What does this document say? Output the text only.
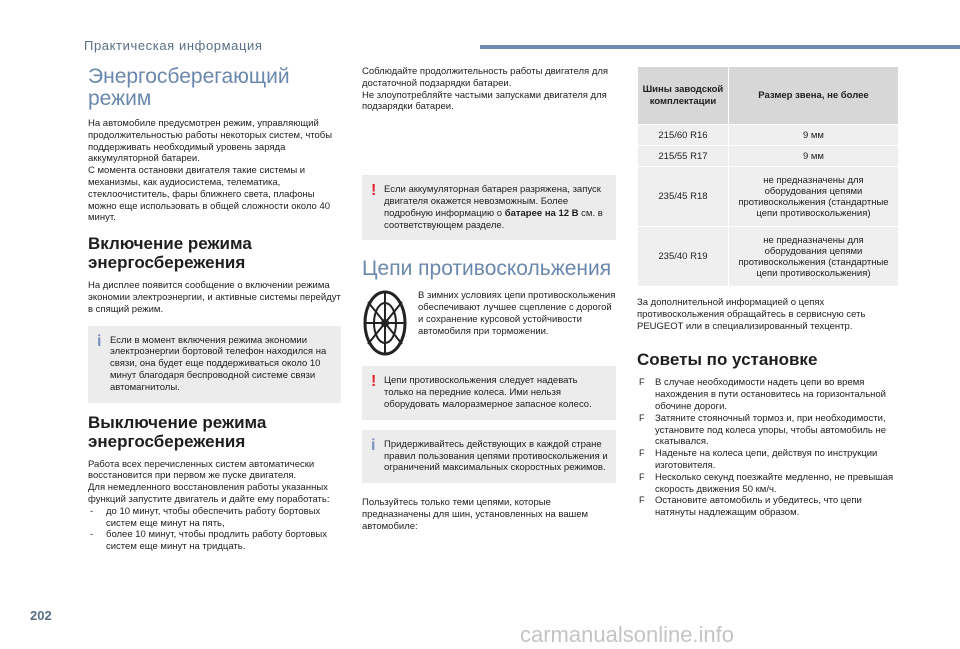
Практическая информация
Энергосберегающий режим

На автомобиле предусмотрен режим, управляющий продолжительностью работы некоторых систем, чтобы поддерживать необходимый уровень заряда аккумуляторной батареи.

С момента остановки двигателя такие системы и механизмы, как аудиосистема, телематика, стеклоочиститель, фары ближнего света, плафоны можно еще использовать в общей сложности около 40 минут.

Включение режима энергосбережения

На дисплее появится сообщение о включении режима экономии электроэнергии, и активные системы перейдут в спящий режим.

i Если в момент включения режима экономии электроэнергии бортовой телефон находился на связи, она будет еще поддерживаться около 10 минут благодаря беспроводной системе связи автомагнитолы.

Выключение режима энергосбережения

Работа всех перечисленных систем автоматически восстановится при первом же пуске двигателя.

Для немедленного восстановления работы указанных функций запустите двигатель и дайте ему поработать:

- до 10 минут, чтобы обеспечить работу бортовых систем еще минут на пять,
- более 10 минут, чтобы продлить работу бортовых систем еще минут на тридцать.

Соблюдайте продолжительность работы двигателя для достаточной подзарядки батареи.

Не злоупотребляйте частыми запусками двигателя для подзарядки батареи.

! Если аккумуляторная батарея разряжена, запуск двигателя окажется невозможным. Более подробную информацию о батарее на 12 В см. в соответствующем разделе.

Цепи противоскольжения

В зимних условиях цепи противоскольжения обеспечивают лучшее сцепление с дорогой и сохранение курсовой устойчивости автомобиля при торможении.

! Цепи противоскольжения следует надевать только на передние колеса. Ими нельзя оборудовать малоразмерное запасное колесо.

i Придерживайтесь действующих в каждой стране правил пользования цепями противоскольжения и ограничений максимальных скоростных режимов.

Пользуйтесь только теми цепями, которые предназначены для шин, установленных на вашем автомобиле:

Шины заводской комплектации	Размер звена, не более
215/60 R16	9 мм
215/55 R17	9 мм
235/45 R18	не предназначены для оборудования цепями противоскольжения (стандартные цепи противоскольжения)
235/40 R19	не предназначены для оборудования цепями противоскольжения (стандартные цепи противоскольжения)

За дополнительной информацией о цепях противоскольжения обращайтесь в сервисную сеть PEUGEOT или в специализированный техцентр.

Советы по установке
F В случае необходимости надеть цепи во время нахождения в пути остановитесь на горизонтальной обочине дороги.
F Затяните стояночный тормоз и, при необходимости, установите под колеса упоры, чтобы автомобиль не скатывался.
F Наденьте на колеса цепи, действуя по инструкции изготовителя.
F Несколько секунд поезжайте медленно, не превышая скорость движения 50 км/ч.
F Остановите автомобиль и убедитесь, что цепи натянуты надлежащим образом.
202
carmanualsonline.info
